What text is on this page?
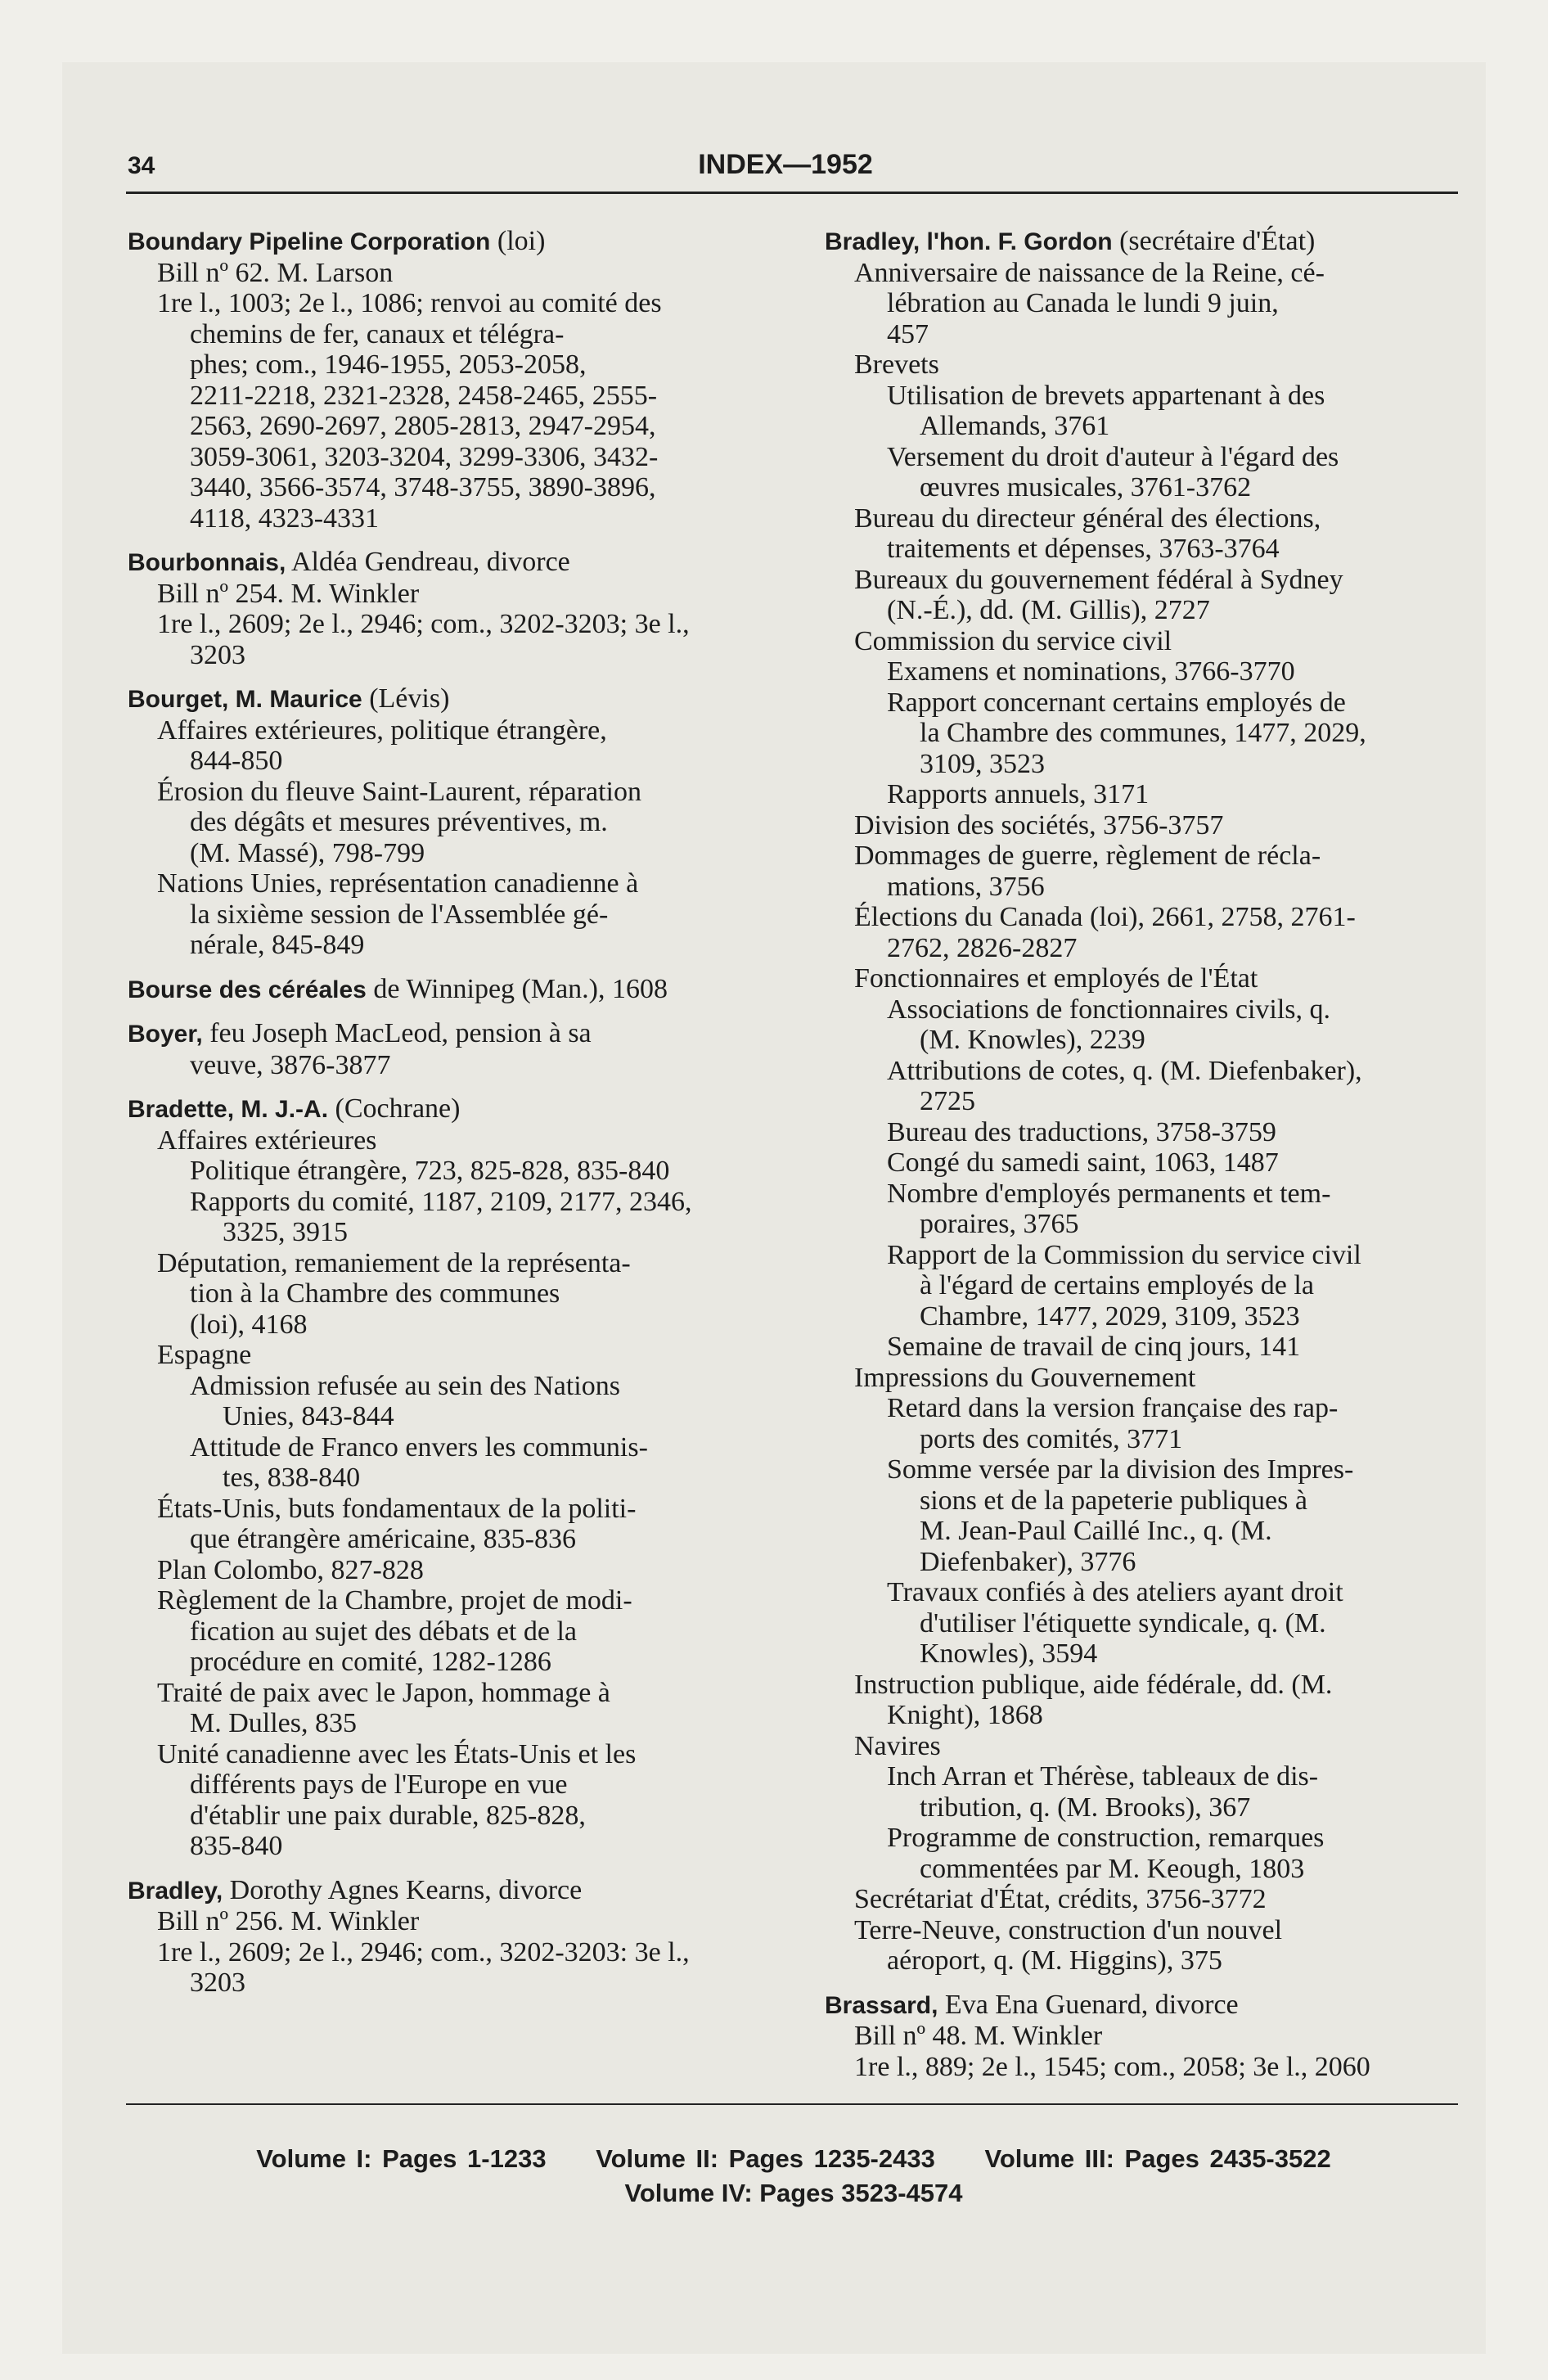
34	INDEX—1952
Boundary Pipeline Corporation (loi)
Bill nº 62. M. Larson
1re l., 1003; 2e l., 1086; renvoi au comité des
chemins de fer, canaux et télégra-
phes; com., 1946-1955, 2053-2058,
2211-2218, 2321-2328, 2458-2465, 2555-
2563, 2690-2697, 2805-2813, 2947-2954,
3059-3061, 3203-3204, 3299-3306, 3432-
3440, 3566-3574, 3748-3755, 3890-3896,
4118, 4323-4331
Bourbonnais, Aldéa Gendreau, divorce
Bill nº 254. M. Winkler
1re l., 2609; 2e l., 2946; com., 3202-3203; 3e l.,
3203
Bourget, M. Maurice (Lévis)
Affaires extérieures, politique étrangère,
844-850
Érosion du fleuve Saint-Laurent, réparation
des dégâts et mesures préventives, m.
(M. Massé), 798-799
Nations Unies, représentation canadienne à
la sixième session de l'Assemblée gé-
nérale, 845-849
Bourse des céréales de Winnipeg (Man.), 1608
Boyer, feu Joseph MacLeod, pension à sa
veuve, 3876-3877
Bradette, M. J.-A. (Cochrane)
Affaires extérieures
Politique étrangère, 723, 825-828, 835-840
Rapports du comité, 1187, 2109, 2177, 2346,
3325, 3915
Députation, remaniement de la représenta-
tion à la Chambre des communes
(loi), 4168
Espagne
Admission refusée au sein des Nations
Unies, 843-844
Attitude de Franco envers les communis-
tes, 838-840
États-Unis, buts fondamentaux de la politi-
que étrangère américaine, 835-836
Plan Colombo, 827-828
Règlement de la Chambre, projet de modi-
fication au sujet des débats et de la
procédure en comité, 1282-1286
Traité de paix avec le Japon, hommage à
M. Dulles, 835
Unité canadienne avec les États-Unis et les
différents pays de l'Europe en vue
d'établir une paix durable, 825-828,
835-840
Bradley, Dorothy Agnes Kearns, divorce
Bill nº 256. M. Winkler
1re l., 2609; 2e l., 2946; com., 3202-3203: 3e l.,
3203
Bradley, l'hon. F. Gordon (secrétaire d'État)
Anniversaire de naissance de la Reine, cé-
lébration au Canada le lundi 9 juin,
457
Brevets
Utilisation de brevets appartenant à des
Allemands, 3761
Versement du droit d'auteur à l'égard des
œuvres musicales, 3761-3762
Bureau du directeur général des élections,
traitements et dépenses, 3763-3764
Bureaux du gouvernement fédéral à Sydney
(N.-É.), dd. (M. Gillis), 2727
Commission du service civil
Examens et nominations, 3766-3770
Rapport concernant certains employés de
la Chambre des communes, 1477, 2029,
3109, 3523
Rapports annuels, 3171
Division des sociétés, 3756-3757
Dommages de guerre, règlement de récla-
mations, 3756
Élections du Canada (loi), 2661, 2758, 2761-
2762, 2826-2827
Fonctionnaires et employés de l'État
Associations de fonctionnaires civils, q.
(M. Knowles), 2239
Attributions de cotes, q. (M. Diefenbaker),
2725
Bureau des traductions, 3758-3759
Congé du samedi saint, 1063, 1487
Nombre d'employés permanents et tem-
poraires, 3765
Rapport de la Commission du service civil
à l'égard de certains employés de la
Chambre, 1477, 2029, 3109, 3523
Semaine de travail de cinq jours, 141
Impressions du Gouvernement
Retard dans la version française des rap-
ports des comités, 3771
Somme versée par la division des Impres-
sions et de la papeterie publiques à
M. Jean-Paul Caillé Inc., q. (M.
Diefenbaker), 3776
Travaux confiés à des ateliers ayant droit
d'utiliser l'étiquette syndicale, q. (M.
Knowles), 3594
Instruction publique, aide fédérale, dd. (M.
Knight), 1868
Navires
Inch Arran et Thérèse, tableaux de dis-
tribution, q. (M. Brooks), 367
Programme de construction, remarques
commentées par M. Keough, 1803
Secrétariat d'État, crédits, 3756-3772
Terre-Neuve, construction d'un nouvel
aéroport, q. (M. Higgins), 375
Brassard, Eva Ena Guenard, divorce
Bill nº 48. M. Winkler
1re l., 889; 2e l., 1545; com., 2058; 3e l., 2060
Volume I: Pages 1-1233 Volume II: Pages 1235-2433 Volume III: Pages 2435-3522
Volume IV: Pages 3523-4574
